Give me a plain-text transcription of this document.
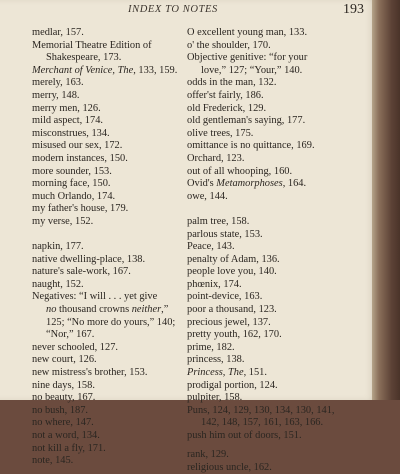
INDEX TO NOTES	193
medlar, 157.
Memorial Theatre Edition of
Shakespeare, 173.
Merchant of Venice, The, 133, 159.
merely, 163.
merry, 148.
merry men, 126.
mild aspect, 174.
misconstrues, 134.
misused our sex, 172.
modern instances, 150.
more sounder, 153.
morning face, 150.
much Orlando, 174.
my father's house, 179.
my verse, 152.
napkin, 177.
native dwelling-place, 138.
nature's sale-work, 167.
naught, 152.
Negatives: “I will . . . yet give
no thousand crowns neither,”
125; “No more do yours,” 140;
“Nor,” 167.
never schooled, 127.
new court, 126.
new mistress's brother, 153.
nine days, 158.
no beauty, 167.
no bush, 187.
no where, 147.
not a word, 134.
not kill a fly, 171.
note, 145.
O excellent young man, 133.
o' the shoulder, 170.
Objective genitive: “for your
love,” 127; “Your,” 140.
odds in the man, 132.
offer'st fairly, 186.
old Frederick, 129.
old gentleman's saying, 177.
olive trees, 175.
omittance is no quittance, 169.
Orchard, 123.
out of all whooping, 160.
Ovid's Metamorphoses, 164.
owe, 144.
palm tree, 158.
parlous state, 153.
Peace, 143.
penalty of Adam, 136.
people love you, 140.
phœnix, 174.
point-device, 163.
poor a thousand, 123.
precious jewel, 137.
pretty youth, 162, 170.
prime, 182.
princess, 138.
Princess, The, 151.
prodigal portion, 124.
pulpiter, 158.
Puns, 124, 129, 130, 134, 130, 141,
142, 148, 157, 161, 163, 166.
push him out of doors, 151.
rank, 129.
religious uncle, 162.
